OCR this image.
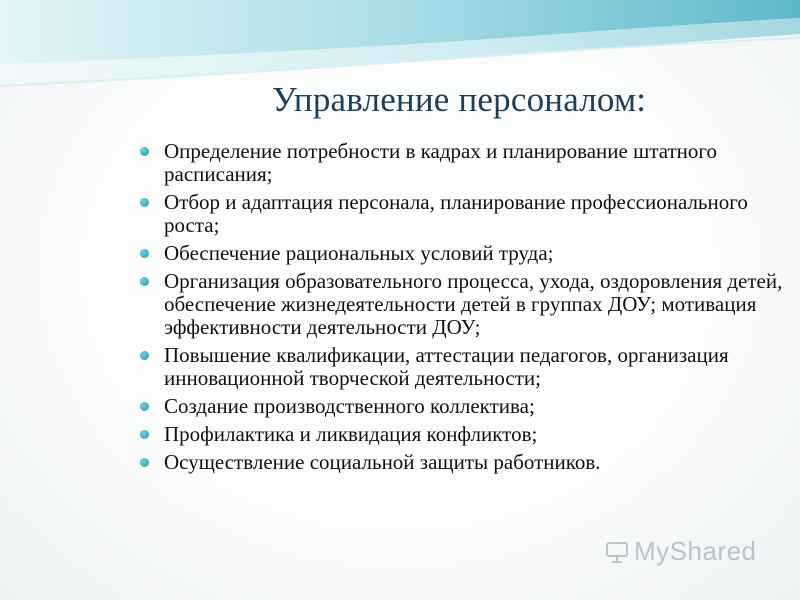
Управление персоналом:
Определение потребности в кадрах и планирование штатного расписания;
Отбор и адаптация персонала, планирование профессионального роста;
Обеспечение рациональных условий труда;
Организация образовательного процесса, ухода, оздоровления детей, обеспечение жизнедеятельности детей в группах ДОУ; мотивация эффективности деятельности ДОУ;
Повышение квалификации, аттестации педагогов, организация инновационной творческой деятельности;
Создание производственного коллектива;
Профилактика и ликвидация конфликтов;
Осуществление социальной защиты работников.
MyShared
